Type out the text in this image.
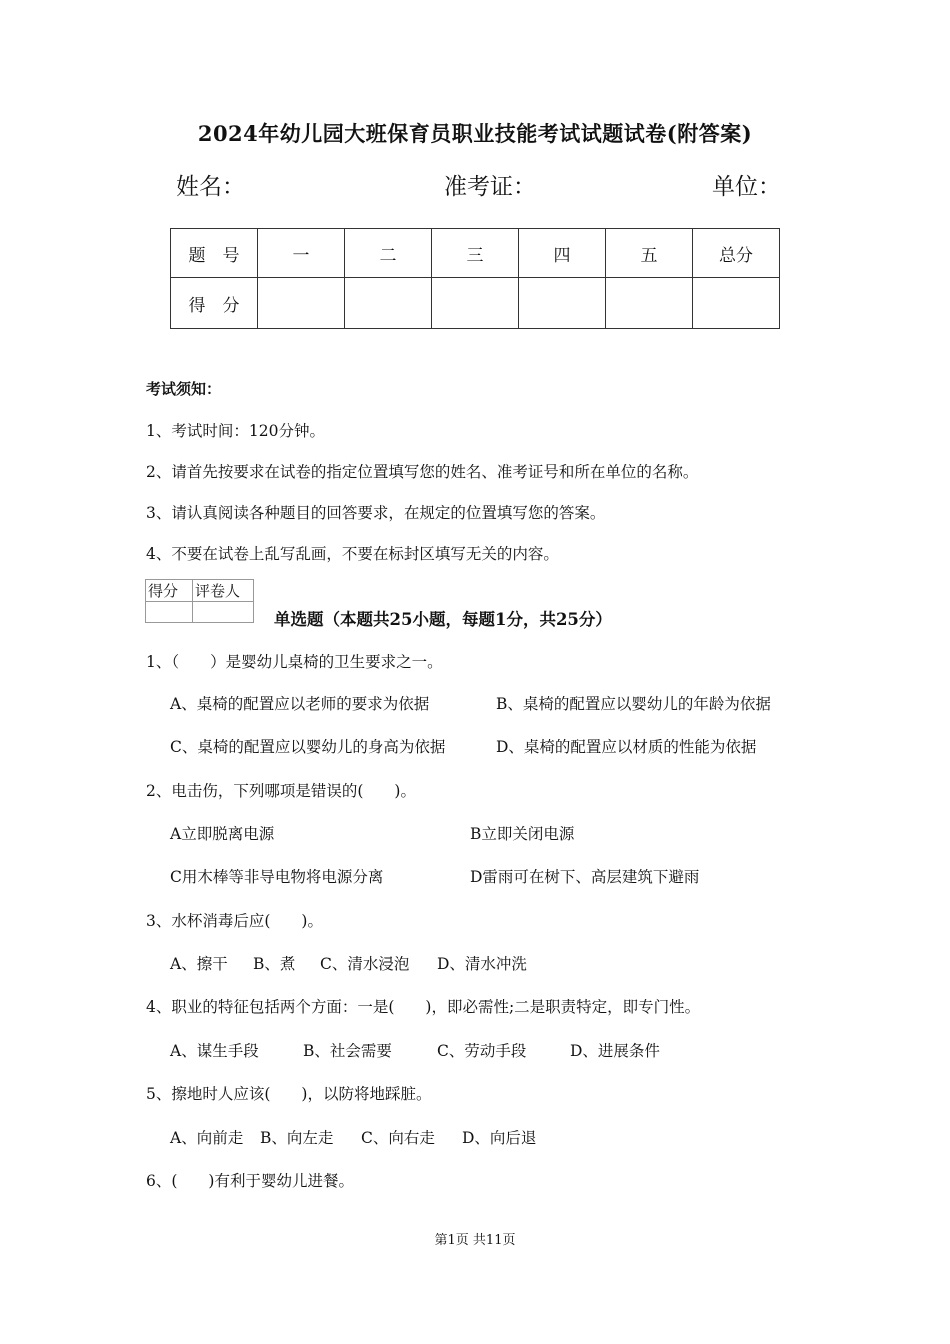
2024年幼儿园大班保育员职业技能考试试题试卷(附答案)
姓名：	准考证：	单位：
题　号	一	二	三	四	五	总分
得　分						
考试须知：
1、考试时间：120分钟。
2、请首先按要求在试卷的指定位置填写您的姓名、准考证号和所在单位的名称。
3、请认真阅读各种题目的回答要求，在规定的位置填写您的答案。
4、不要在试卷上乱写乱画，不要在标封区填写无关的内容。
得分	评卷人

单选题（本题共25小题，每题1分，共25分）
1、（　　）是婴幼儿桌椅的卫生要求之一。
A、桌椅的配置应以老师的要求为依据	B、桌椅的配置应以婴幼儿的年龄为依据
C、桌椅的配置应以婴幼儿的身高为依据	D、桌椅的配置应以材质的性能为依据
2、电击伤，下列哪项是错误的(　　)。
A立即脱离电源	B立即关闭电源
C用木棒等非导电物将电源分离	D雷雨可在树下、高层建筑下避雨
3、水杯消毒后应(　　)。
A、擦干 B、煮 C、清水浸泡 D、清水冲洗
4、职业的特征包括两个方面：一是(　　)，即必需性;二是职责特定，即专门性。
A、谋生手段	B、社会需要	C、劳动手段	D、进展条件
5、擦地时人应该(　　)，以防将地踩脏。
A、向前走 B、向左走 C、向右走 D、向后退
6、(　　)有利于婴幼儿进餐。
第1页 共11页
